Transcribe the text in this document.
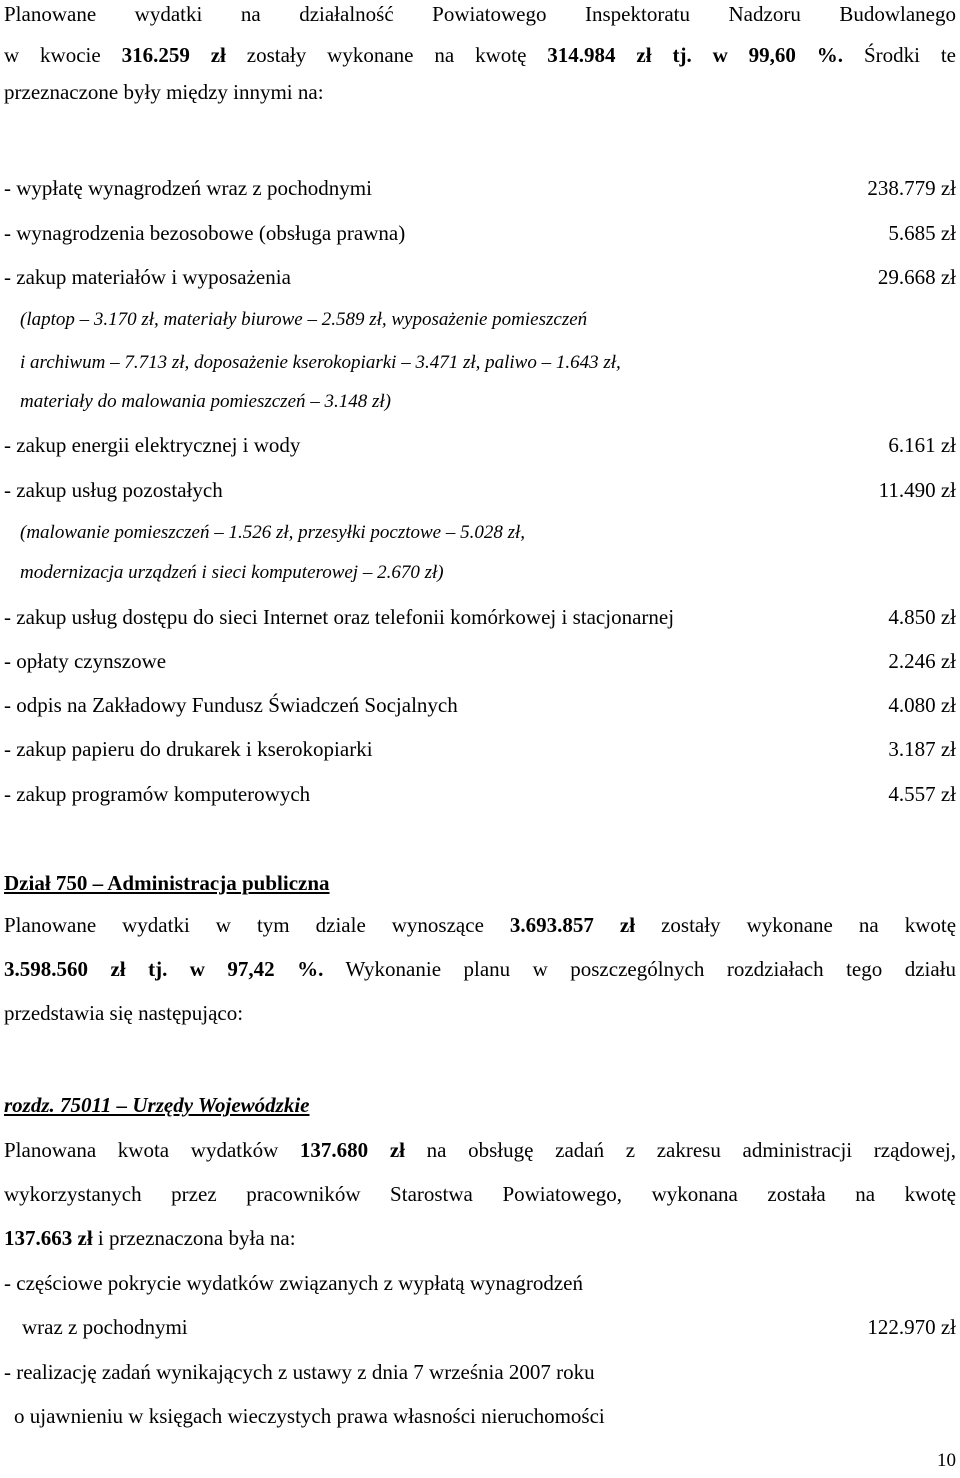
Planowane wydatki na działalność Powiatowego Inspektoratu Nadzoru Budowlanego
w kwocie 316.259 zł zostały wykonane na kwotę 314.984 zł tj. w 99,60 %. Środki te
przeznaczone były między innymi na:
- wypłatę wynagrodzeń wraz z pochodnymi	238.779 zł
- wynagrodzenia bezosobowe (obsługa prawna)	5.685 zł
- zakup materiałów i wyposażenia	29.668 zł
(laptop – 3.170 zł, materiały biurowe – 2.589 zł, wyposażenie pomieszczeń
i archiwum – 7.713 zł, doposażenie kserokopiarki – 3.471 zł, paliwo – 1.643 zł,
materiały do malowania pomieszczeń – 3.148 zł)
- zakup energii elektrycznej i wody	6.161 zł
- zakup usług pozostałych	11.490 zł
(malowanie pomieszczeń – 1.526 zł, przesyłki pocztowe – 5.028 zł,
modernizacja urządzeń i sieci komputerowej – 2.670 zł)
- zakup usług dostępu do sieci Internet oraz telefonii komórkowej i stacjonarnej	4.850 zł
- opłaty czynszowe	2.246 zł
- odpis na Zakładowy Fundusz Świadczeń Socjalnych	4.080 zł
- zakup papieru do drukarek i kserokopiarki	3.187 zł
- zakup programów komputerowych	4.557 zł
Dział 750 – Administracja publiczna
Planowane wydatki w tym dziale wynoszące 3.693.857 zł zostały wykonane na kwotę
3.598.560 zł tj. w 97,42 %. Wykonanie planu w poszczególnych rozdziałach tego działu
przedstawia się następująco:
rozdz. 75011 – Urzędy Wojewódzkie
Planowana kwota wydatków 137.680 zł na obsługę zadań z zakresu administracji rządowej,
wykorzystanych przez pracowników Starostwa Powiatowego, wykonana została na kwotę
137.663 zł i przeznaczona była na:
- częściowe pokrycie wydatków związanych z wypłatą wynagrodzeń
wraz z pochodnymi	122.970 zł
- realizację zadań wynikających z ustawy z dnia 7 września 2007 roku
o ujawnieniu w księgach wieczystych prawa własności nieruchomości
10
